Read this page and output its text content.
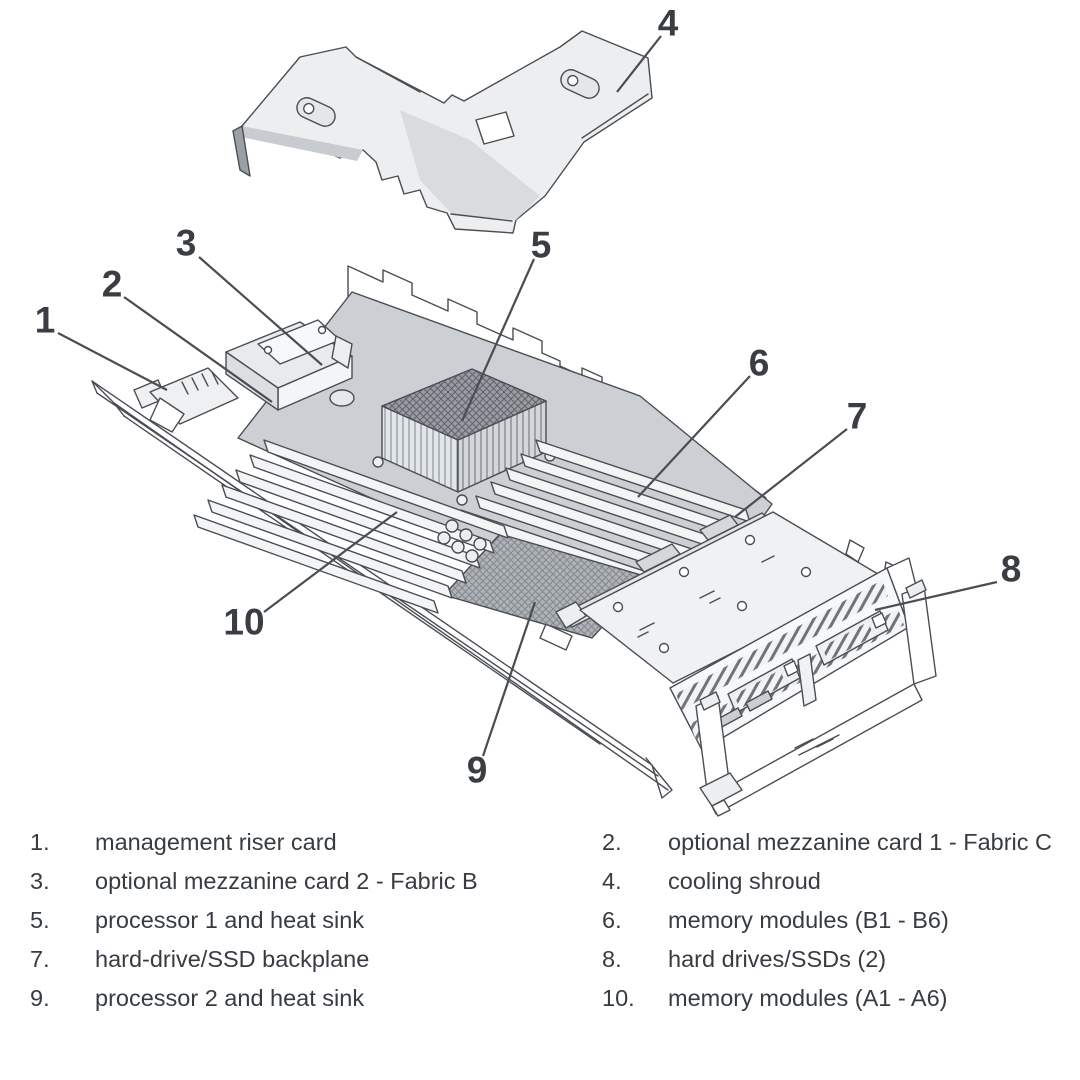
1
2
3
4
5
6
7
8
9
10
1.	management riser card	2.	optional mezzanine card 1 - Fabric C
3.	optional mezzanine card 2 - Fabric B	4.	cooling shroud
5.	processor 1 and heat sink	6.	memory modules (B1 - B6)
7.	hard-drive/SSD backplane	8.	hard drives/SSDs (2)
9.	processor 2 and heat sink	10.	memory modules (A1 - A6)
